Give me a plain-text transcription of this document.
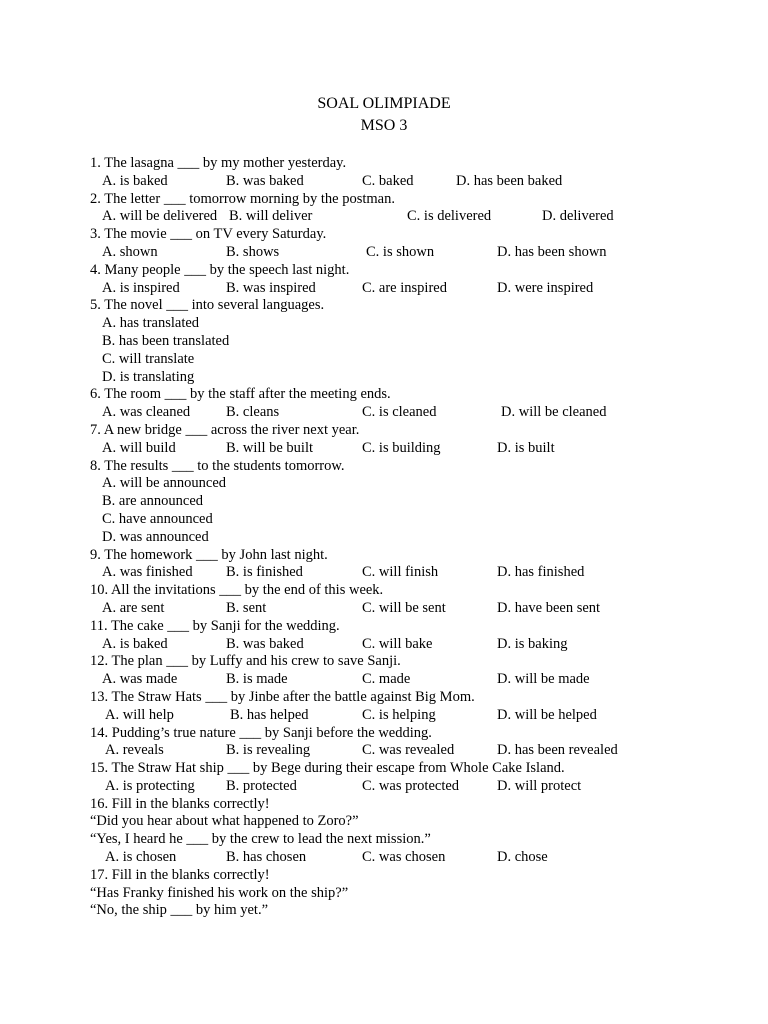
SOAL OLIMPIADE
MSO 3
1. The lasagna ___ by my mother yesterday.
A. is baked	B. was baked	C. baked	D. has been baked
2. The letter ___ tomorrow morning by the postman.
A. will be delivered B. will deliver	C. is delivered	D. delivered
3. The movie ___ on TV every Saturday.
A. shown	B. shows	C. is shown	D. has been shown
4. Many people ___ by the speech last night.
A. is inspired	B. was inspired	C. are inspired	D. were inspired
5. The novel ___ into several languages.
A. has translated
B. has been translated
C. will translate
D. is translating
6. The room ___ by the staff after the meeting ends.
A. was cleaned B. cleans	C. is cleaned	D. will be cleaned
7. A new bridge ___ across the river next year.
A. will build	B. will be built	C. is building	D. is built
8. The results ___ to the students tomorrow.
A. will be announced
B. are announced
C. have announced
D. was announced
9. The homework ___ by John last night.
A. was finished B. is finished	C. will finish	D. has finished
10. All the invitations ___ by the end of this week.
A. are sent	B. sent	C. will be sent	D. have been sent
11. The cake ___ by Sanji for the wedding.
A. is baked	B. was baked	C. will bake	D. is baking
12. The plan ___ by Luffy and his crew to save Sanji.
A. was made	B. is made	C. made	D. will be made
13. The Straw Hats ___ by Jinbe after the battle against Big Mom.
A. will help	B. has helped	C. is helping	D. will be helped
14. Pudding’s true nature ___ by Sanji before the wedding.
A. reveals	B. is revealing	C. was revealed	D. has been revealed
15. The Straw Hat ship ___ by Bege during their escape from Whole Cake Island.
A. is protecting B. protected	C. was protected	D. will protect
16. Fill in the blanks correctly!
“Did you hear about what happened to Zoro?”
“Yes, I heard he ___ by the crew to lead the next mission.”
A. is chosen	B. has chosen	C. was chosen	D. chose
17. Fill in the blanks correctly!
“Has Franky finished his work on the ship?”
“No, the ship ___ by him yet.”
